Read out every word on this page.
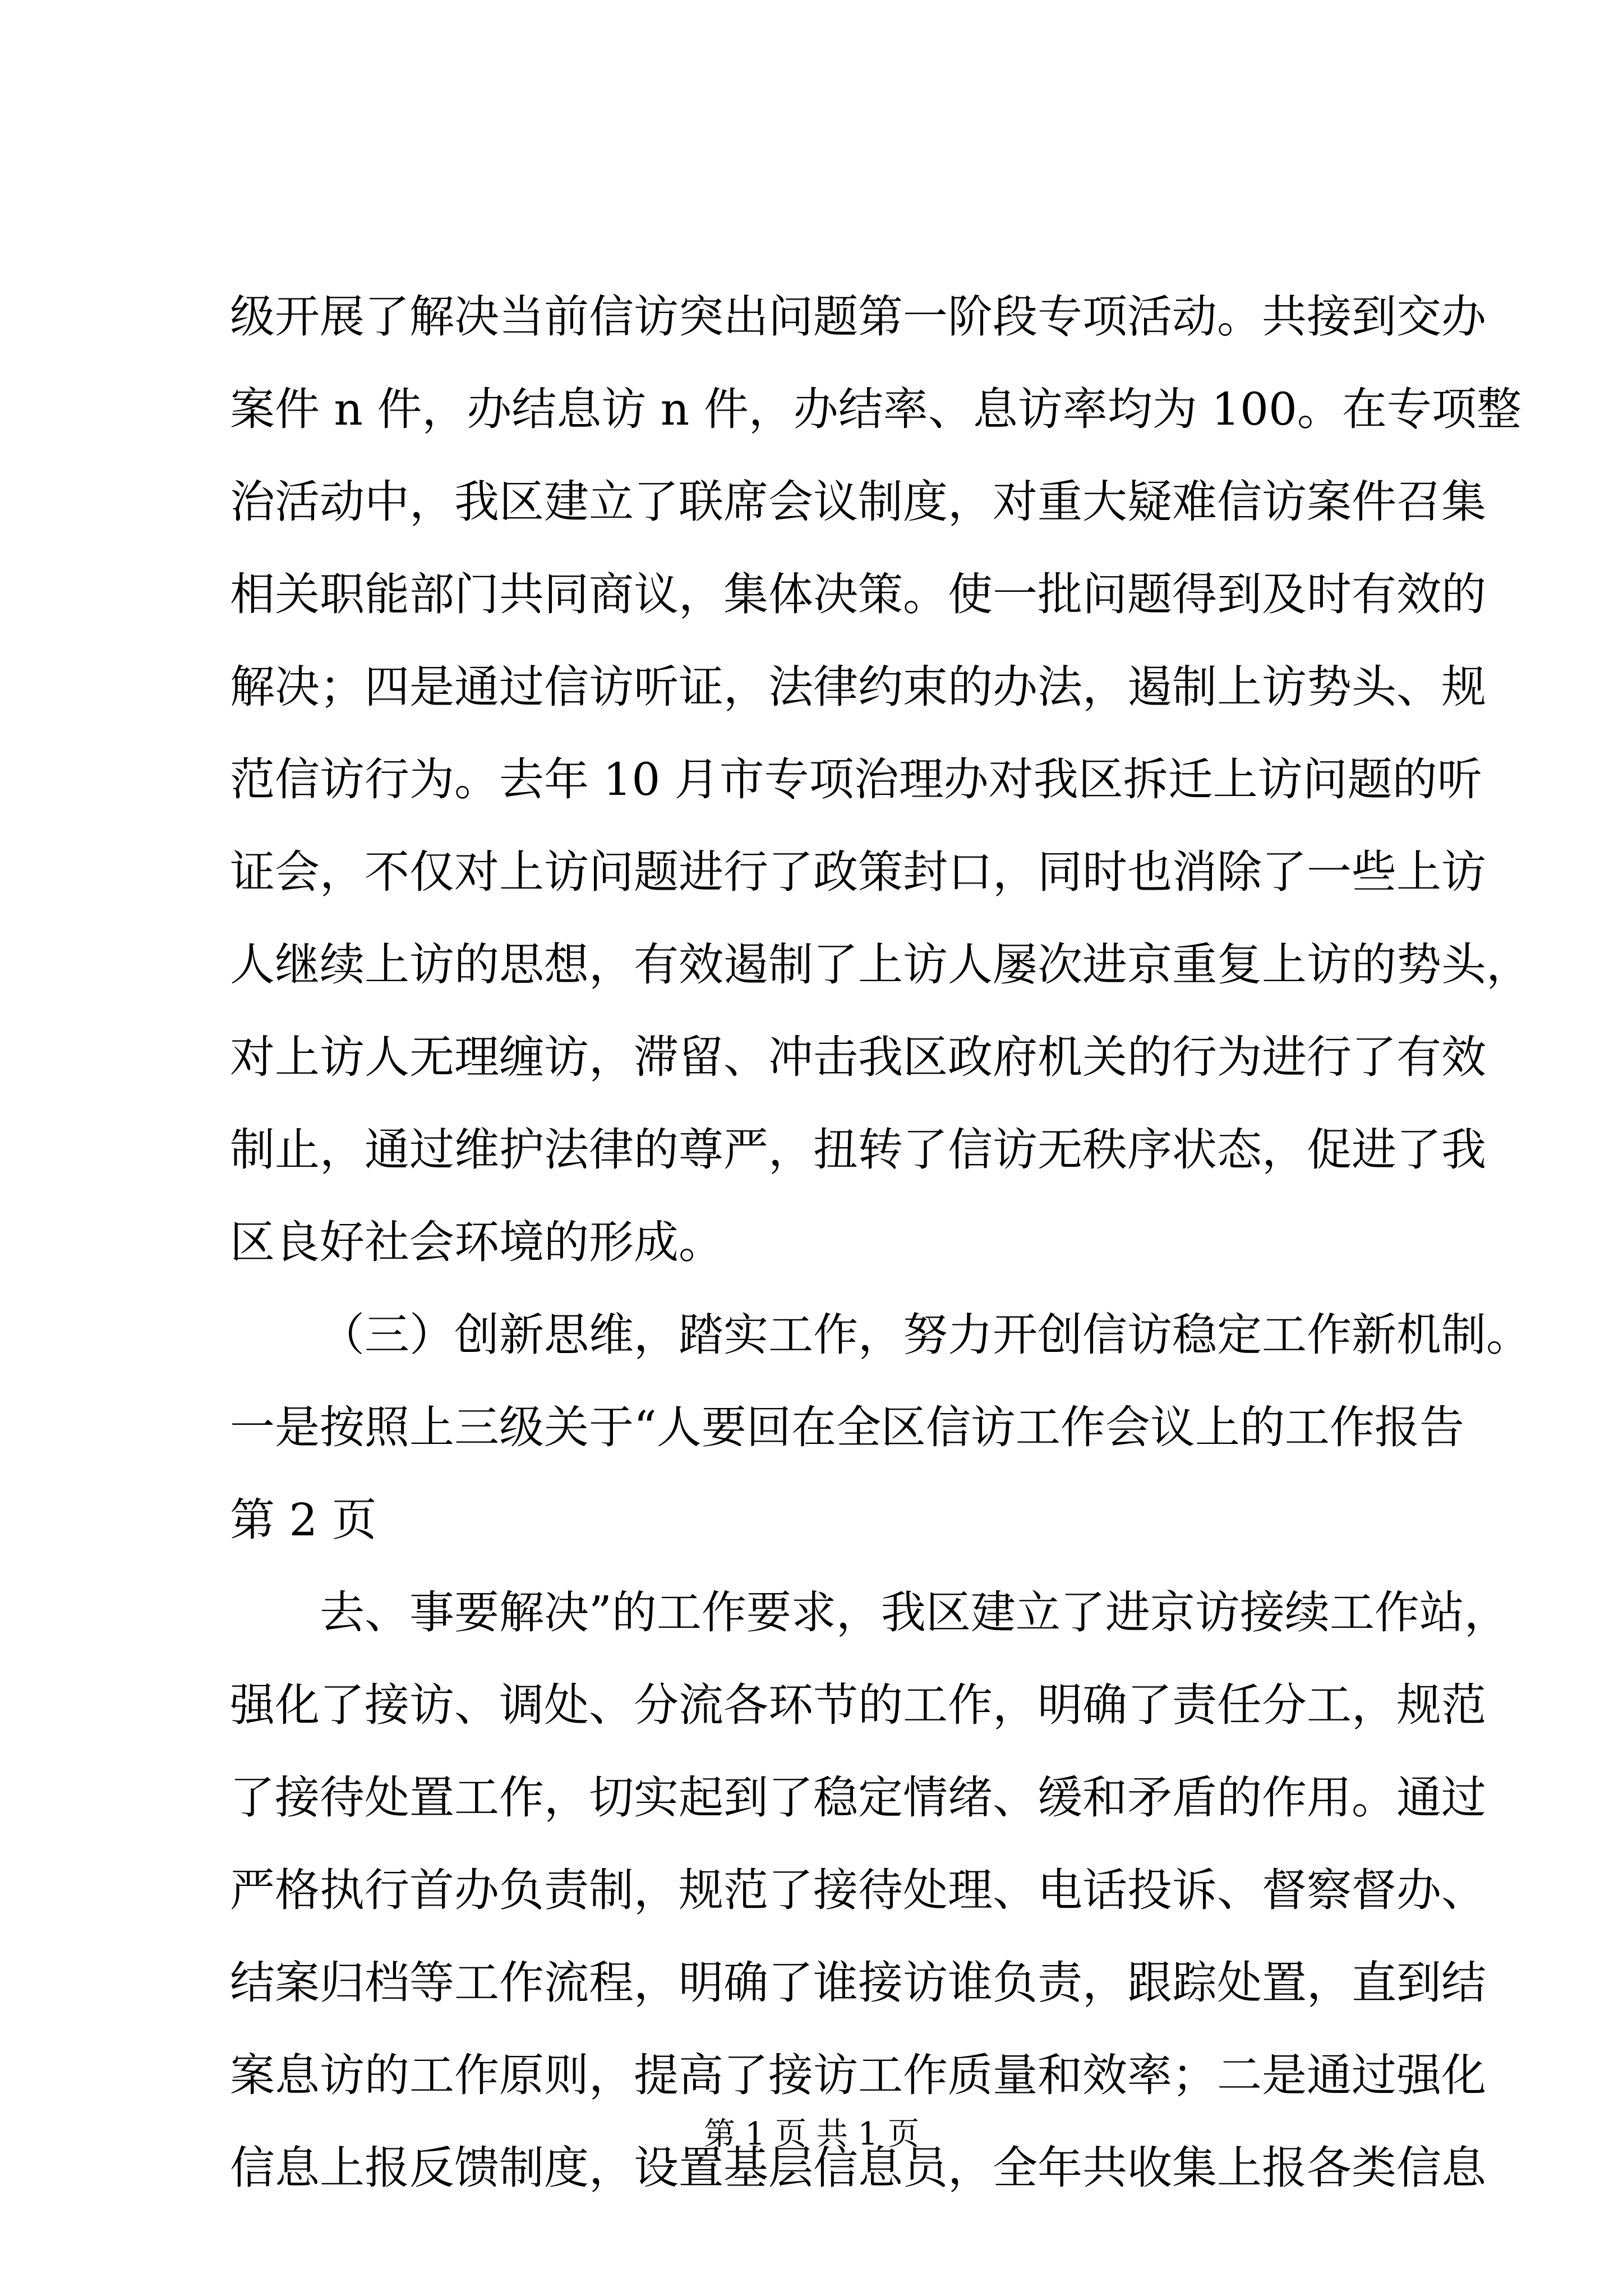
级开展了解决当前信访突出问题第一阶段专项活动。共接到交办
案件 n 件，办结息访 n 件，办结率、息访率均为 100。在专项整
治活动中，我区建立了联席会议制度，对重大疑难信访案件召集
相关职能部门共同商议，集体决策。使一批问题得到及时有效的
解决；四是通过信访听证，法律约束的办法，遏制上访势头、规
范信访行为。去年 10 月市专项治理办对我区拆迁上访问题的听
证会，不仅对上访问题进行了政策封口，同时也消除了一些上访
人继续上访的思想，有效遏制了上访人屡次进京重复上访的势头，
对上访人无理缠访，滞留、冲击我区政府机关的行为进行了有效
制止，通过维护法律的尊严，扭转了信访无秩序状态，促进了我
区良好社会环境的形成。
（三）创新思维，踏实工作，努力开创信访稳定工作新机制。
一是按照上三级关于“人要回在全区信访工作会议上的工作报告
第 2 页
去、事要解决”的工作要求，我区建立了进京访接续工作站，
强化了接访、调处、分流各环节的工作，明确了责任分工，规范
了接待处置工作，切实起到了稳定情绪、缓和矛盾的作用。通过
严格执行首办负责制，规范了接待处理、电话投诉、督察督办、
结案归档等工作流程，明确了谁接访谁负责，跟踪处置，直到结
案息访的工作原则，提高了接访工作质量和效率；二是通过强化
信息上报反馈制度，设置基层信息员，全年共收集上报各类信息
第 1 页 共 1 页
